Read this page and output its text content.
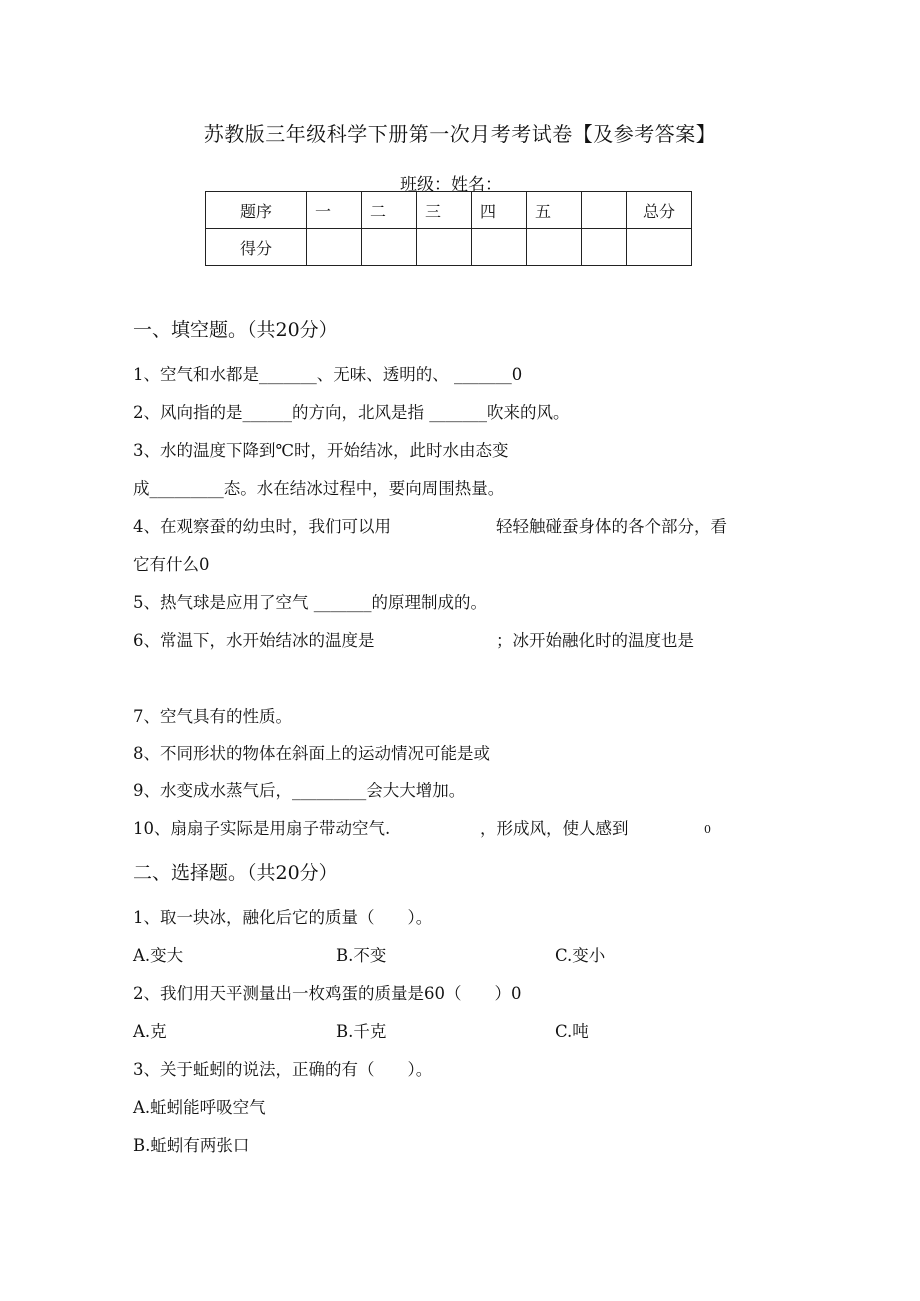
苏教版三年级科学下册第一次月考考试卷【及参考答案】
班级：姓名：
题序	一	二	三	四	五		总分
得分							
一、填空题。（共20分）
1、空气和水都是_______、无味、透明的、 _______0
2、风向指的是______的方向，北风是指 _______吹来的风。
3、水的温度下降到℃时，开始结冰，此时水由态变
成_________态。水在结冰过程中，要向周围热量。
4、在观察蚕的幼虫时，我们可以用	轻轻触碰蚕身体的各个部分，看
它有什么0
5、热气球是应用了空气 _______的原理制成的。
6、常温下，水开始结冰的温度是	；冰开始融化时的温度也是
7、空气具有的性质。
8、不同形状的物体在斜面上的运动情况可能是或
9、水变成水蒸气后，_________会大大增加。
10、扇扇子实际是用扇子带动空气.	，形成风，使人感到	0
二、选择题。（共20分）
1、取一块冰，融化后它的质量（　　）。
A.变大	B.不变	C.变小
2、我们用天平测量出一枚鸡蛋的质量是60（　　）0
A.克	B.千克	C.吨
3、关于蚯蚓的说法，正确的有（　　）。
A.蚯蚓能呼吸空气
B.蚯蚓有两张口
